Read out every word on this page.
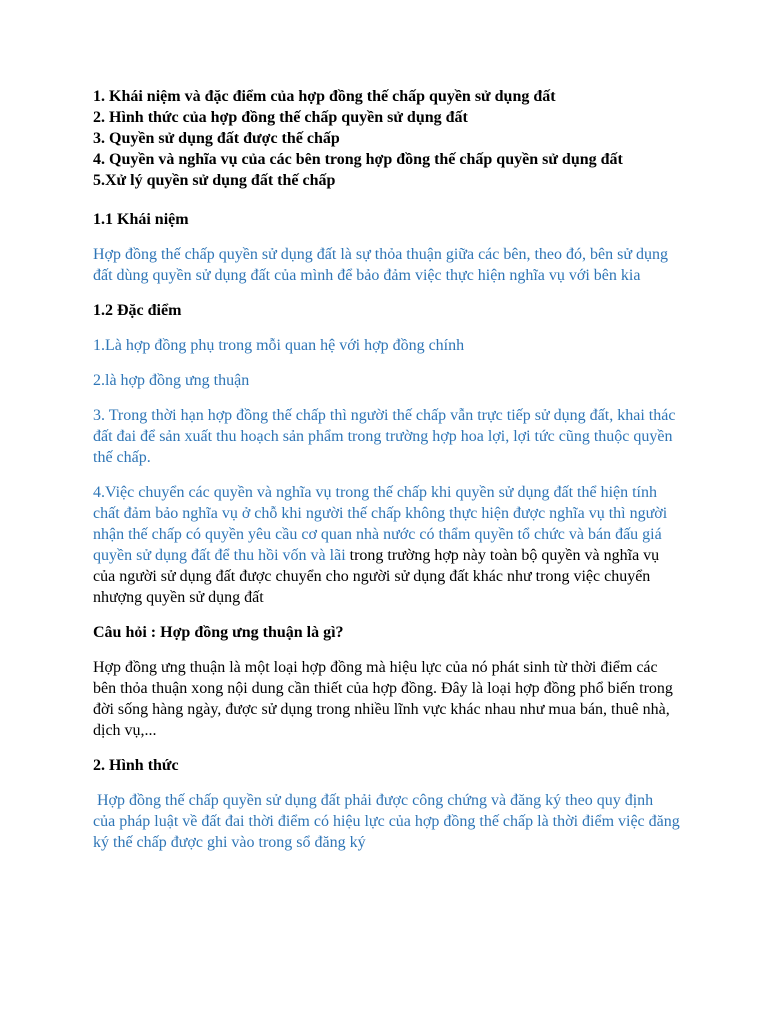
1. Khái niệm và đặc điểm của hợp đồng thế chấp quyền sử dụng đất
2. Hình thức của hợp đồng thế chấp quyền sử dụng đất
3. Quyền sử dụng đất được thế chấp
4. Quyền và nghĩa vụ của các bên trong hợp đồng thế chấp quyền sử dụng đất
5.Xử lý quyền sử dụng đất thế chấp
1.1 Khái niệm
Hợp đồng thế chấp quyền sử dụng đất là sự thỏa thuận giữa các bên, theo đó, bên sử dụng đất dùng quyền sử dụng đất của mình để bảo đảm việc thực hiện nghĩa vụ với bên kia
1.2 Đặc điểm
1.Là hợp đồng phụ trong mỗi quan hệ với hợp đồng chính
2.là hợp đồng ưng thuận
3. Trong thời hạn hợp đồng thế chấp thì người thế chấp vẫn trực tiếp sử dụng đất, khai thác đất đai để sản xuất thu hoạch sản phẩm trong trường hợp hoa lợi, lợi tức cũng thuộc quyền thế chấp.
4.Việc chuyển các quyền và nghĩa vụ trong thế chấp khi quyền sử dụng đất thể hiện tính chất đảm bảo nghĩa vụ ở chỗ khi người thế chấp không thực hiện được nghĩa vụ thì người nhận thế chấp có quyền yêu cầu cơ quan nhà nước có thẩm quyền tổ chức và bán đấu giá quyền sử dụng đất để thu hồi vốn và lãi trong trường hợp này toàn bộ quyền và nghĩa vụ của người sử dụng đất được chuyển cho người sử dụng đất khác như trong việc chuyển nhượng quyền sử dụng đất
Câu hỏi : Hợp đồng ưng thuận là gì?
Hợp đồng ưng thuận là một loại hợp đồng mà hiệu lực của nó phát sinh từ thời điểm các bên thỏa thuận xong nội dung cần thiết của hợp đồng. Đây là loại hợp đồng phổ biến trong đời sống hàng ngày, được sử dụng trong nhiều lĩnh vực khác nhau như mua bán, thuê nhà, dịch vụ,...
2. Hình thức
Hợp đồng thế chấp quyền sử dụng đất phải được công chứng và đăng ký theo quy định
của pháp luật về đất đai thời điểm có hiệu lực của hợp đồng thế chấp là thời điểm việc đăng ký thế chấp được ghi vào trong sổ đăng ký
